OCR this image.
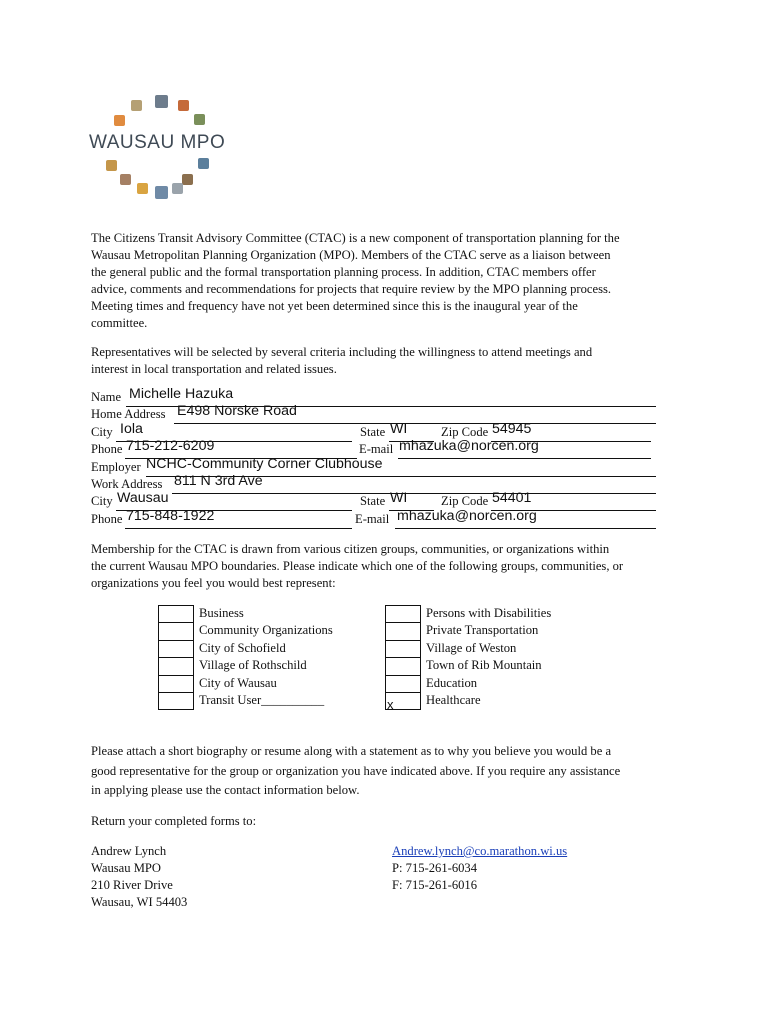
WAUSAU MPO
The Citizens Transit Advisory Committee (CTAC) is a new component of transportation planning for the
Wausau Metropolitan Planning Organization (MPO). Members of the CTAC serve as a liaison between
the general public and the formal transportation planning process. In addition, CTAC members offer
advice, comments and recommendations for projects that require review by the MPO planning process.
Meeting times and frequency have not yet been determined since this is the inaugural year of the
committee.
Representatives will be selected by several criteria including the willingness to attend meetings and
interest in local transportation and related issues.
Name Michelle Hazuka
Home Address E498 Norske Road
City Iola	State WI	Zip Code 54945
Phone 715-212-6209	E-mail mhazuka@norcen.org
Employer NCHC-Community Corner Clubhouse
Work Address 811 N 3rd Ave
City Wausau	State WI	Zip Code 54401
Phone 715-848-1922	E-mail mhazuka@norcen.org
Membership for the CTAC is drawn from various citizen groups, communities, or organizations within
the current Wausau MPO boundaries. Please indicate which one of the following groups, communities, or
organizations you feel you would best represent:
Business
Community Organizations
City of Schofield
Village of Rothschild
City of Wausau
Transit User__________
Persons with Disabilities
Private Transportation
Village of Weston
Town of Rib Mountain
Education
x	Healthcare
Please attach a short biography or resume along with a statement as to why you believe you would be a
good representative for the group or organization you have indicated above. If you require any assistance
in applying please use the contact information below.
Return your completed forms to:
Andrew Lynch
Wausau MPO
210 River Drive
Wausau, WI 54403
Andrew.lynch@co.marathon.wi.us
P: 715-261-6034
F: 715-261-6016
